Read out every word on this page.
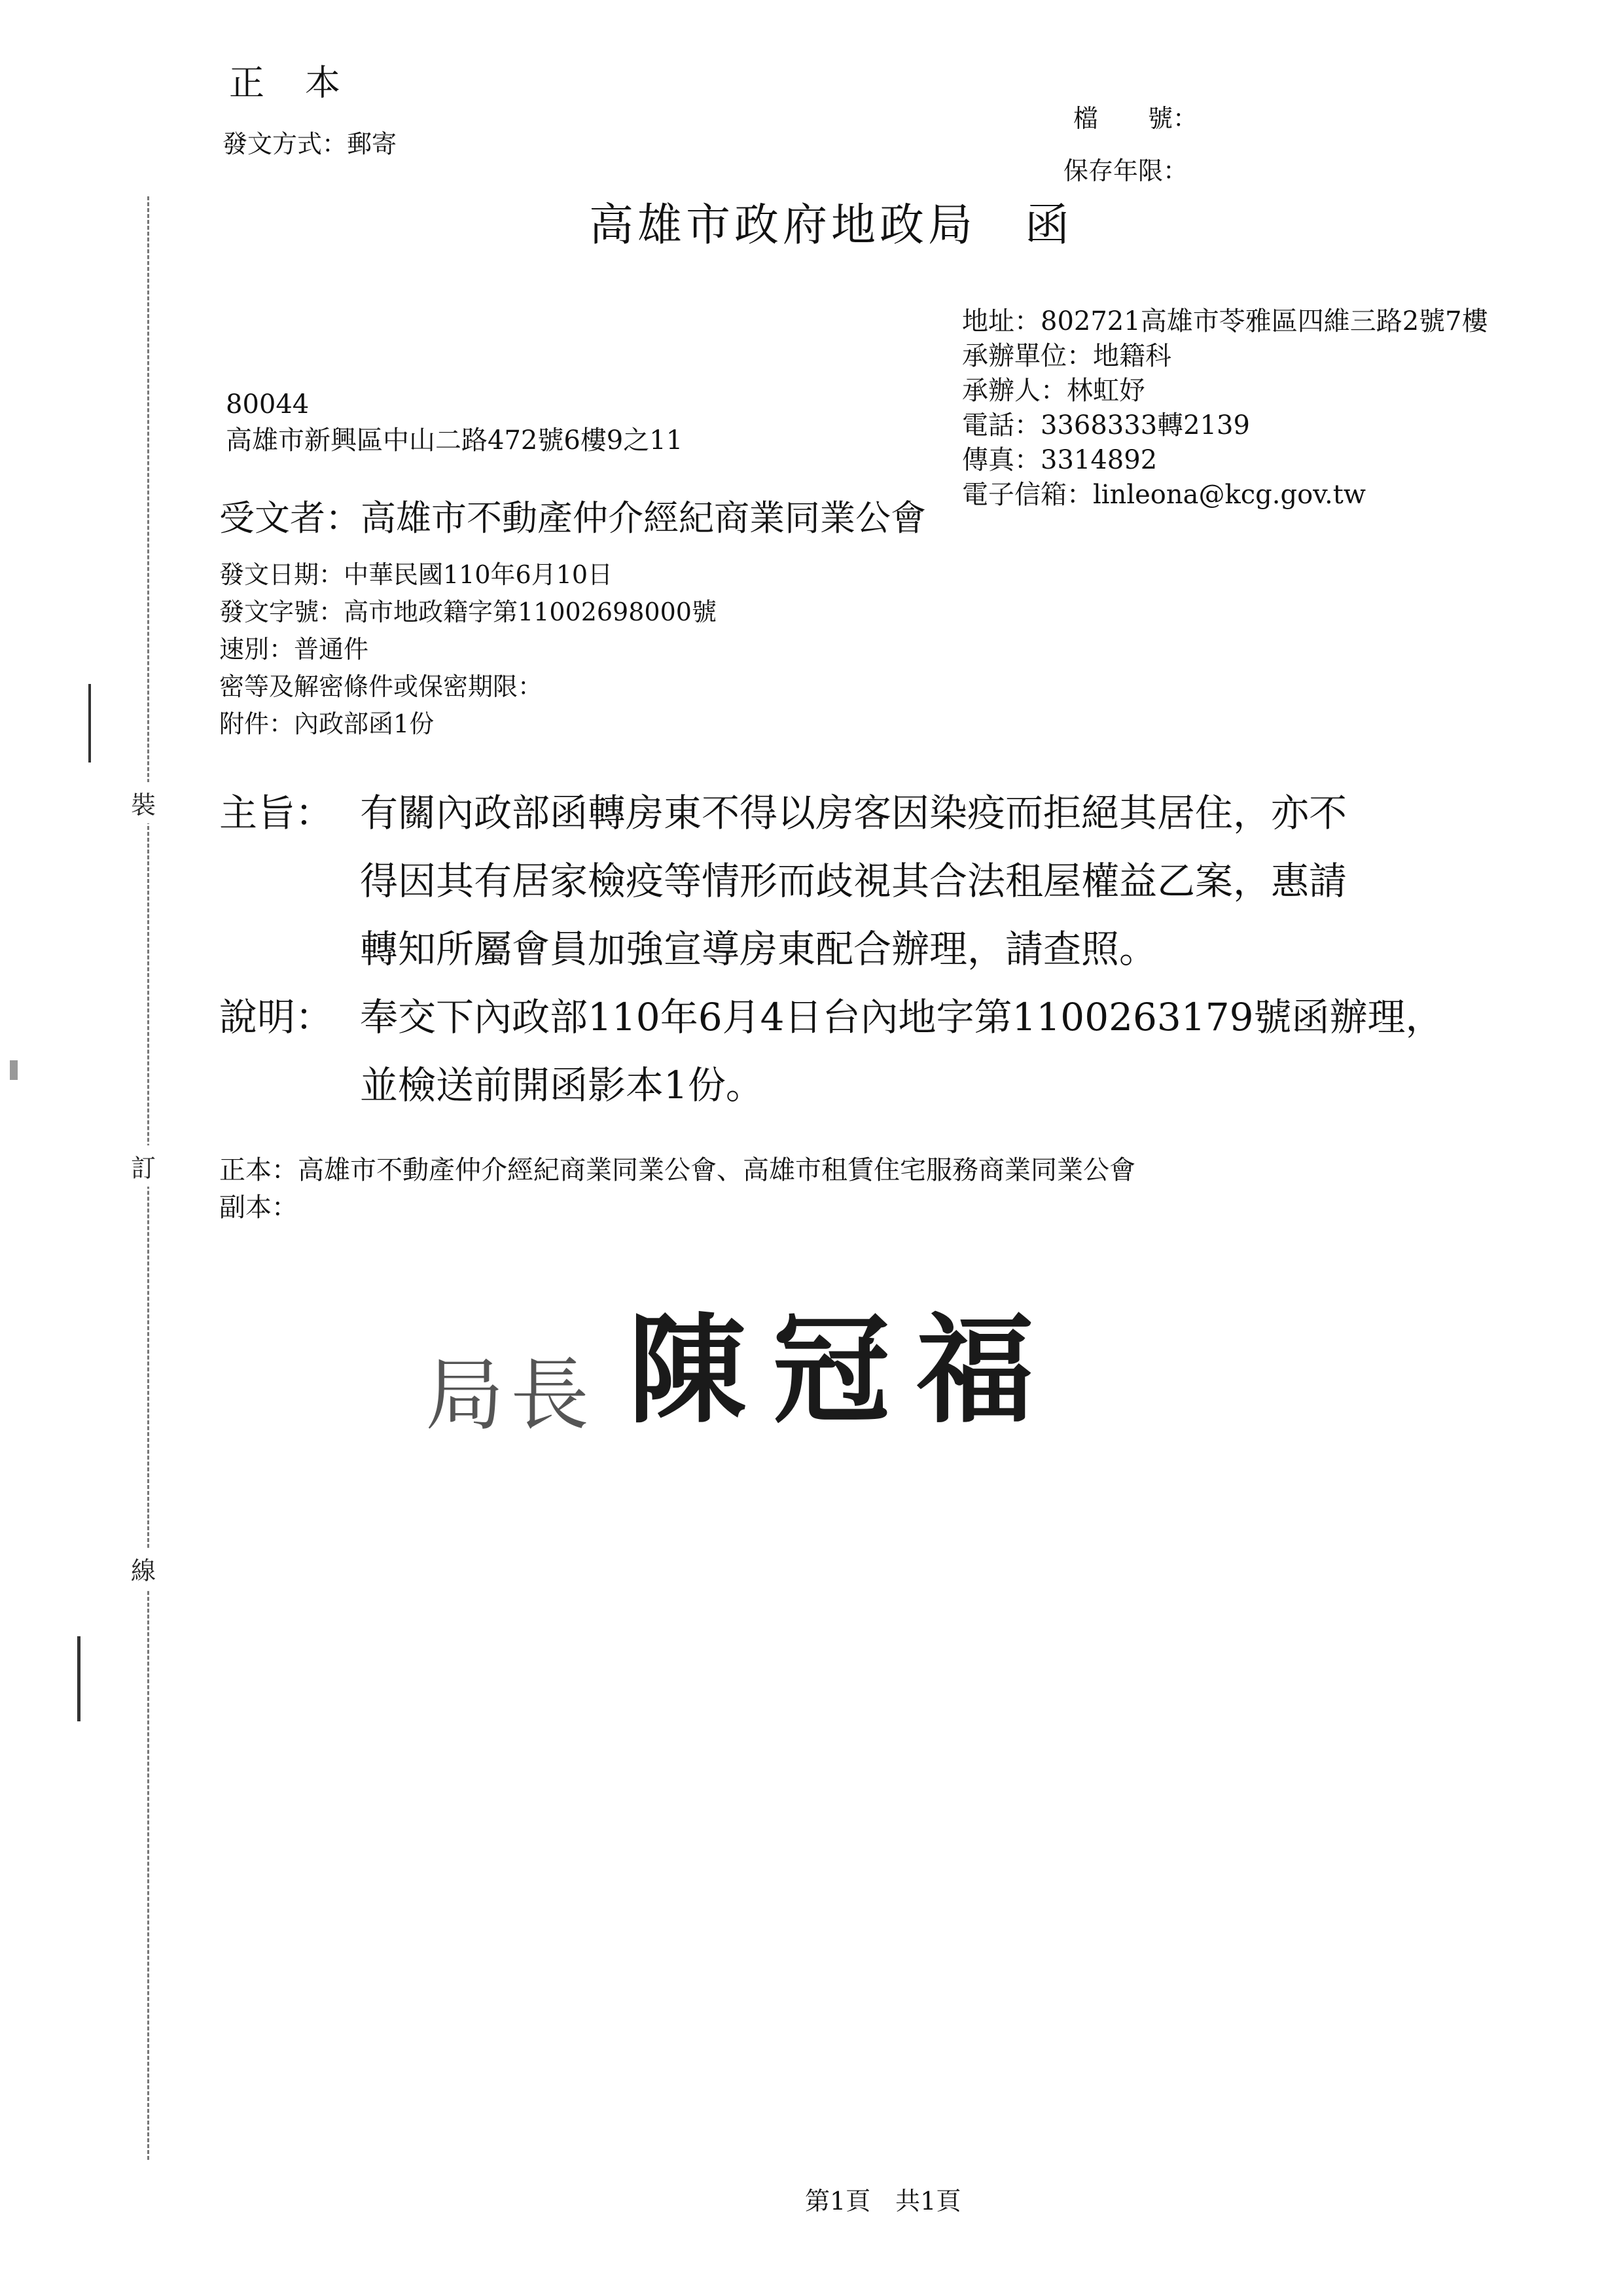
裝
訂
線
正　本
發文方式：郵寄
檔　　號：
保存年限：
高雄市政府地政局　函
地址：802721高雄市苓雅區四維三路2號7樓
承辦單位：地籍科
承辦人：林虹妤
電話：3368333轉2139
傳真：3314892
電子信箱：linleona@kcg.gov.tw
80044
高雄市新興區中山二路472號6樓9之11
受文者：高雄市不動產仲介經紀商業同業公會
發文日期：中華民國110年6月10日
發文字號：高市地政籍字第11002698000號
速別：普通件
密等及解密條件或保密期限：
附件：內政部函1份
主旨： 有關內政部函轉房東不得以房客因染疫而拒絕其居住，亦不
得因其有居家檢疫等情形而歧視其合法租屋權益乙案，惠請
轉知所屬會員加強宣導房東配合辦理，請查照。
說明： 奉交下內政部110年6月4日台內地字第1100263179號函辦理，
並檢送前開函影本1份。
正本：高雄市不動產仲介經紀商業同業公會、高雄市租賃住宅服務商業同業公會
副本：
局長 陳冠福
第1頁　共1頁
